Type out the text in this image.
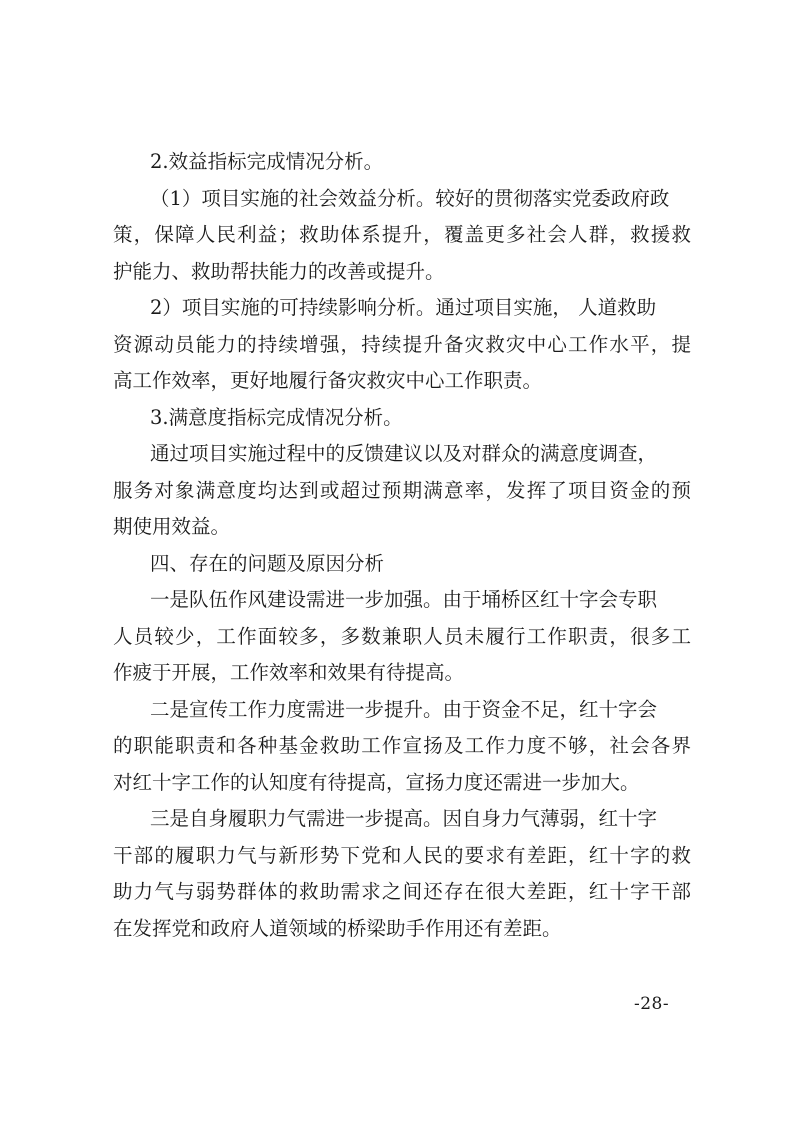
2.效益指标完成情况分析。
（1）项目实施的社会效益分析。较好的贯彻落实党委政府政
策，保障人民利益；救助体系提升，覆盖更多社会人群，救援救
护能力、救助帮扶能力的改善或提升。
2）项目实施的可持续影响分析。通过项目实施， 人道救助
资源动员能力的持续增强，持续提升备灾救灾中心工作水平，提
高工作效率，更好地履行备灾救灾中心工作职责。
3.满意度指标完成情况分析。
通过项目实施过程中的反馈建议以及对群众的满意度调查，
服务对象满意度均达到或超过预期满意率，发挥了项目资金的预
期使用效益。
四、存在的问题及原因分析
一是队伍作风建设需进一步加强。由于埇桥区红十字会专职
人员较少，工作面较多，多数兼职人员未履行工作职责，很多工
作疲于开展，工作效率和效果有待提高。
二是宣传工作力度需进一步提升。由于资金不足，红十字会
的职能职责和各种基金救助工作宣扬及工作力度不够，社会各界
对红十字工作的认知度有待提高，宣扬力度还需进一步加大。
三是自身履职力气需进一步提高。因自身力气薄弱，红十字
干部的履职力气与新形势下党和人民的要求有差距，红十字的救
助力气与弱势群体的救助需求之间还存在很大差距，红十字干部
在发挥党和政府人道领域的桥梁助手作用还有差距。
-28-
